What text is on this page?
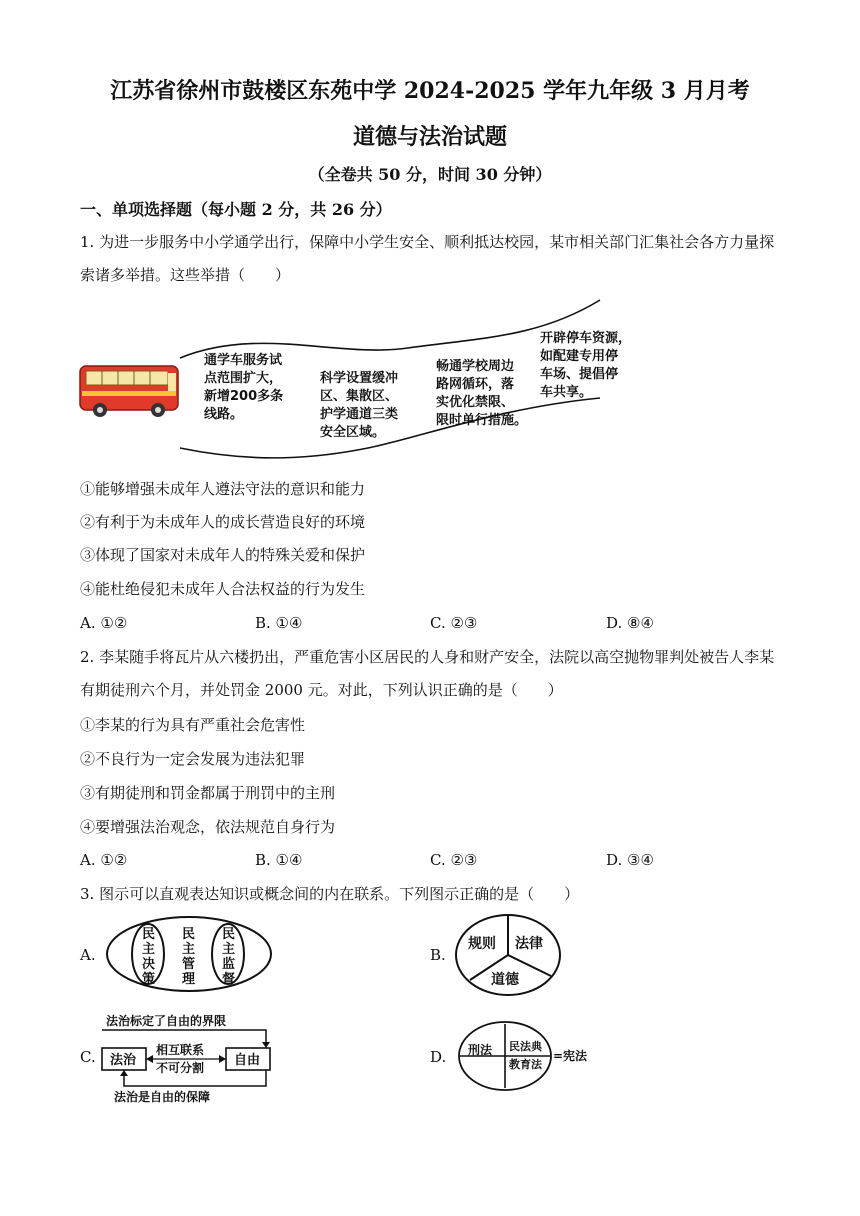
江苏省徐州市鼓楼区东苑中学 2024-2025 学年九年级 3 月月考
道德与法治试题
（全卷共 50 分，时间 30 分钟）
一、单项选择题（每小题 2 分，共 26 分）
1. 为进一步服务中小学通学出行，保障中小学生安全、顺利抵达校园，某市相关部门汇集社会各方力量探
索诸多举措。这些举措（　　）
通学车服务试
点范围扩大，
新增200多条
线路。
科学设置缓冲
区、集散区、
护学通道三类
安全区域。
畅通学校周边
路网循环，落
实优化禁限、
限时单行措施。
开辟停车资源，
如配建专用停
车场、提倡停
车共享。
①能够增强未成年人遵法守法的意识和能力
②有利于为未成年人的成长营造良好的环境
③体现了国家对未成年人的特殊关爱和保护
④能杜绝侵犯未成年人合法权益的行为发生
A. ①②	B. ①④	C. ②③	D. ⑧④
2. 李某随手将瓦片从六楼扔出，严重危害小区居民的人身和财产安全，法院以高空抛物罪判处被告人李某
有期徒刑六个月，并处罚金 2000 元。对此，下列认识正确的是（　　）
①李某的行为具有严重社会危害性
②不良行为一定会发展为违法犯罪
③有期徒刑和罚金都属于刑罚中的主刑
④要增强法治观念，依法规范自身行为
A. ①②	B. ①④	C. ②③	D. ③④
3. 图示可以直观表达知识或概念间的内在联系。下列图示正确的是（　　）
A.	B.
C.	D.
民
主
决
策
民
主
管
理
民
主
监
督
规则 法律
道德
法治标定了自由的界限
法治	自由
相互联系
不可分割
法治是自由的保障
刑法 民法典
教育法
=宪法
